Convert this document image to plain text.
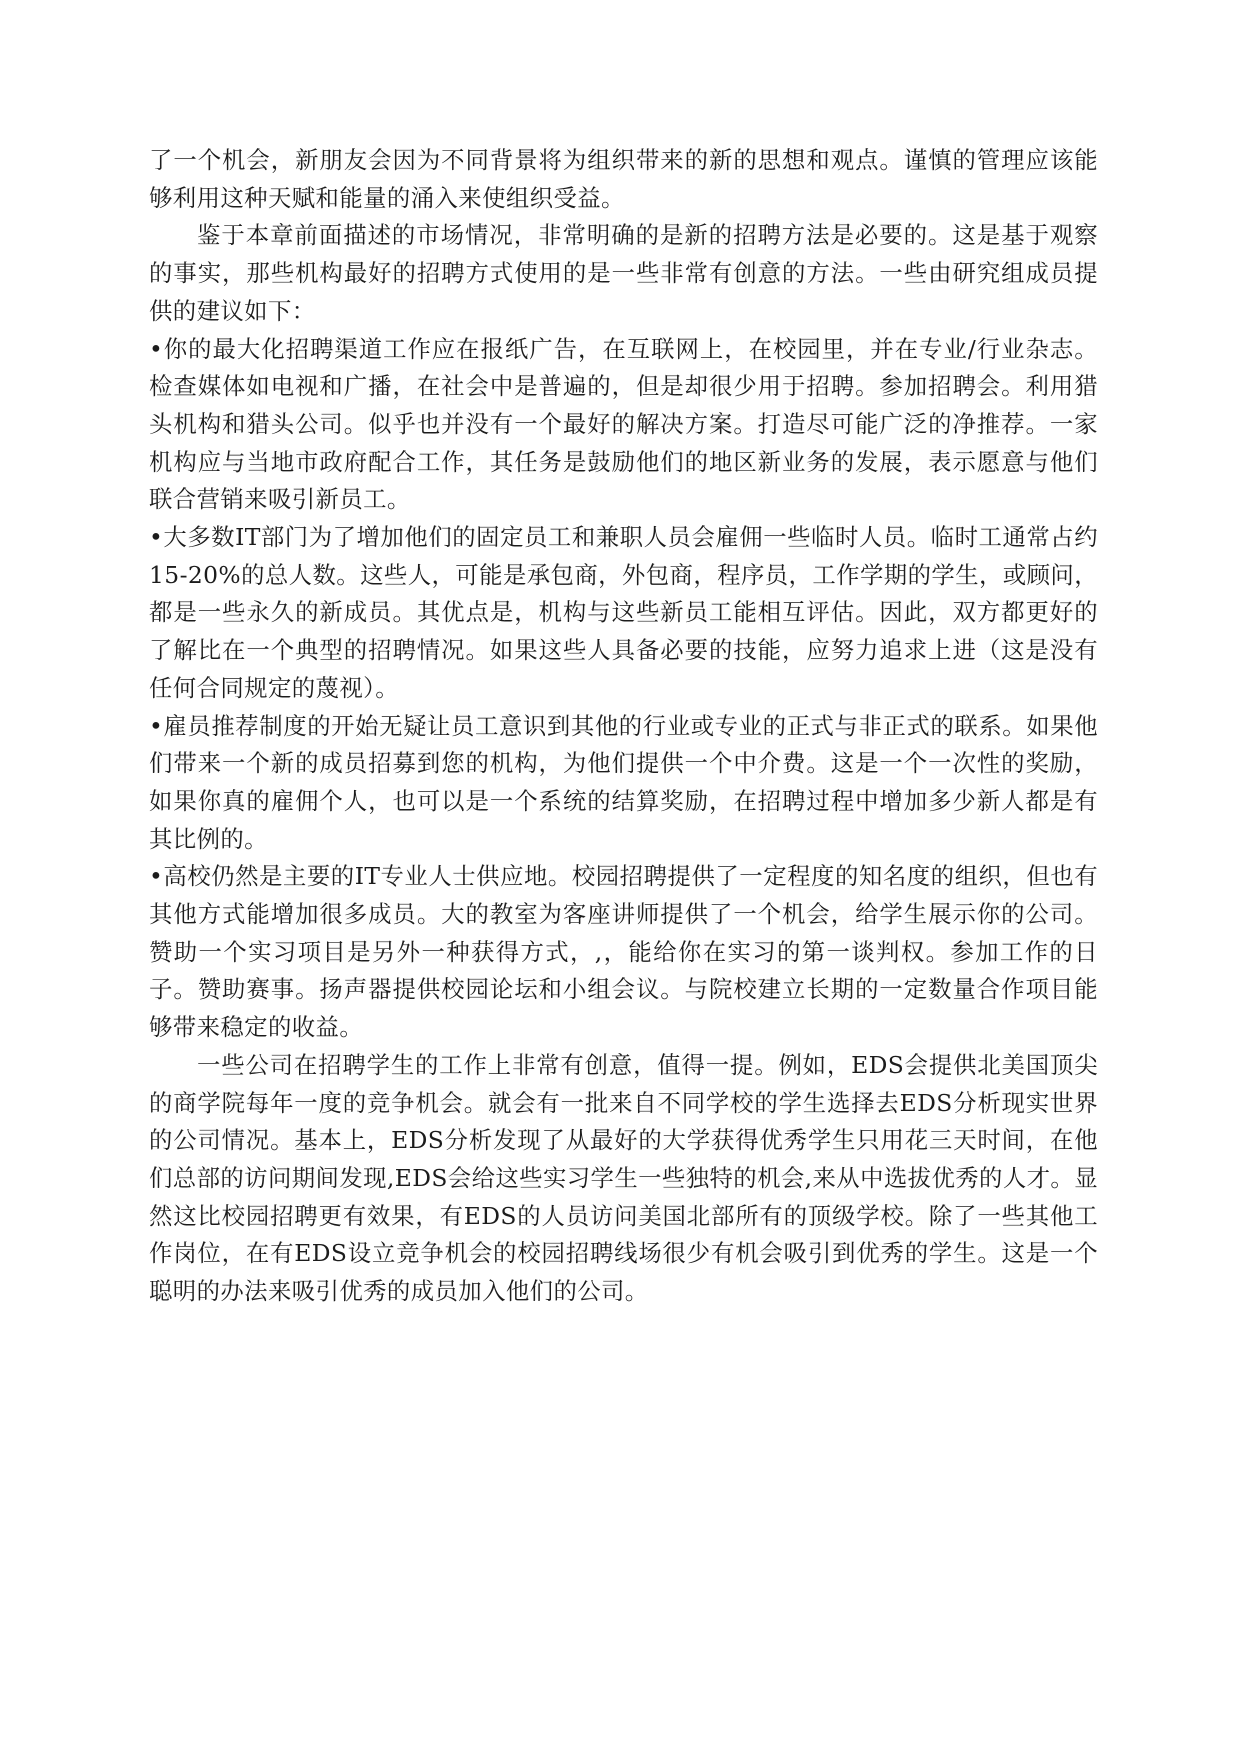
了一个机会，新朋友会因为不同背景将为组织带来的新的思想和观点。谨慎的管理应该能够利用这种天赋和能量的涌入来使组织受益。

鉴于本章前面描述的市场情况，非常明确的是新的招聘方法是必要的。这是基于观察的事实，那些机构最好的招聘方式使用的是一些非常有创意的方法。一些由研究组成员提供的建议如下：

•你的最大化招聘渠道工作应在报纸广告，在互联网上，在校园里，并在专业/行业杂志。检查媒体如电视和广播，在社会中是普遍的，但是却很少用于招聘。参加招聘会。利用猎头机构和猎头公司。似乎也并没有一个最好的解决方案。打造尽可能广泛的净推荐。一家机构应与当地市政府配合工作，其任务是鼓励他们的地区新业务的发展，表示愿意与他们联合营销来吸引新员工。

•大多数IT部门为了增加他们的固定员工和兼职人员会雇佣一些临时人员。临时工通常占约15-20%的总人数。这些人，可能是承包商，外包商，程序员，工作学期的学生，或顾问，都是一些永久的新成员。其优点是，机构与这些新员工能相互评估。因此，双方都更好的了解比在一个典型的招聘情况。如果这些人具备必要的技能，应努力追求上进（这是没有任何合同规定的蔑视）。

•雇员推荐制度的开始无疑让员工意识到其他的行业或专业的正式与非正式的联系。如果他们带来一个新的成员招募到您的机构，为他们提供一个中介费。这是一个一次性的奖励，如果你真的雇佣个人，也可以是一个系统的结算奖励，在招聘过程中增加多少新人都是有其比例的。

•高校仍然是主要的IT专业人士供应地。校园招聘提供了一定程度的知名度的组织，但也有其他方式能增加很多成员。大的教室为客座讲师提供了一个机会，给学生展示你的公司。赞助一个实习项目是另外一种获得方式，,，能给你在实习的第一谈判权。参加工作的日子。赞助赛事。扬声器提供校园论坛和小组会议。与院校建立长期的一定数量合作项目能够带来稳定的收益。

一些公司在招聘学生的工作上非常有创意，值得一提。例如，EDS会提供北美国顶尖的商学院每年一度的竞争机会。就会有一批来自不同学校的学生选择去EDS分析现实世界的公司情况。基本上，EDS分析发现了从最好的大学获得优秀学生只用花三天时间，在他们总部的访问期间发现,EDS会给这些实习学生一些独特的机会,来从中选拔优秀的人才。显然这比校园招聘更有效果，有EDS的人员访问美国北部所有的顶级学校。除了一些其他工作岗位，在有EDS设立竞争机会的校园招聘线场很少有机会吸引到优秀的学生。这是一个聪明的办法来吸引优秀的成员加入他们的公司。
